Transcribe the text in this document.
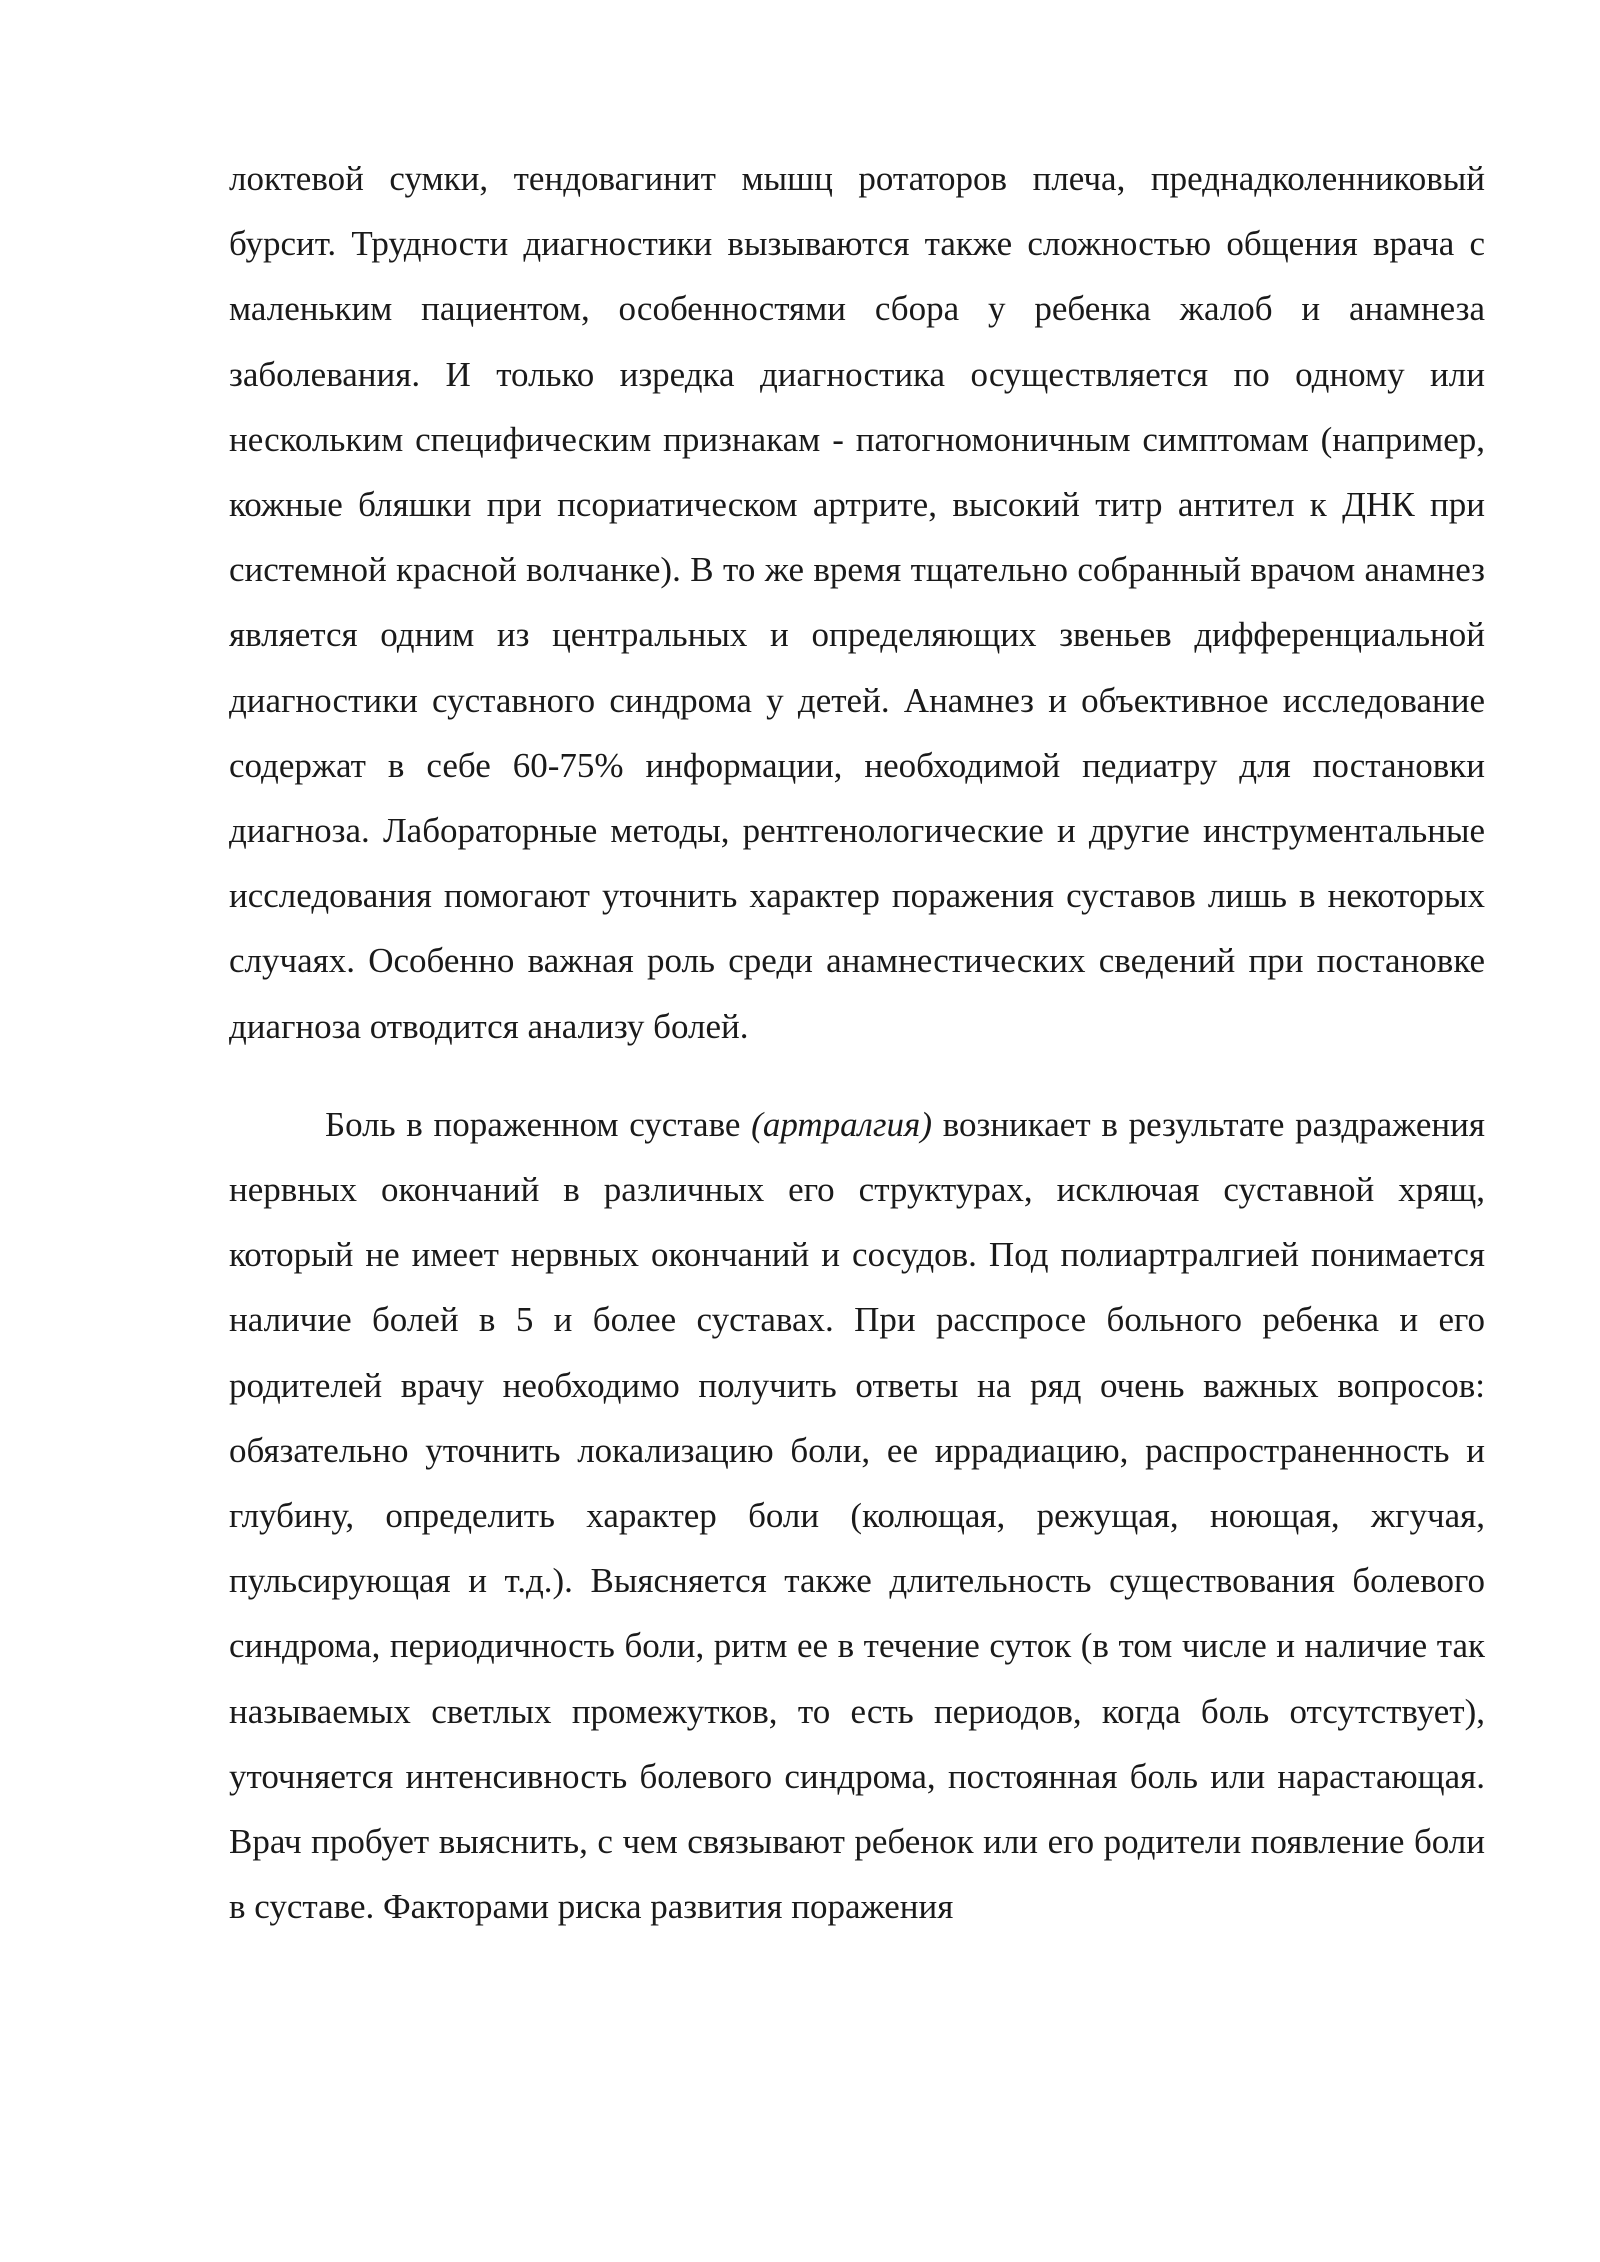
локтевой сумки, тендовагинит мышц ротаторов плеча, преднадколенниковый бурсит. Трудности диагностики вызываются также сложностью общения врача с маленьким пациентом, особенностями сбора у ребенка жалоб и анамнеза заболевания. И только изредка диагностика осуществляется по одному или нескольким специфическим признакам - патогномоничным симптомам (например, кожные бляшки при псориатическом артрите, высокий титр антител к ДНК при системной красной волчанке). В то же время тщательно собранный врачом анамнез является одним из центральных и определяющих звеньев дифференциальной диагностики суставного синдрома у детей. Анамнез и объективное исследование содержат в себе 60-75% информации, необходимой педиатру для постановки диагноза. Лабораторные методы, рентгенологические и другие инструментальные исследования помогают уточнить характер поражения суставов лишь в некоторых случаях. Особенно важная роль среди анамнестических сведений при постановке диагноза отводится анализу болей.

Боль в пораженном суставе (артралгия) возникает в результате раздражения нервных окончаний в различных его структурах, исключая суставной хрящ, который не имеет нервных окончаний и сосудов. Под полиартралгией понимается наличие болей в 5 и более суставах. При расспросе больного ребенка и его родителей врачу необходимо получить ответы на ряд очень важных вопросов: обязательно уточнить локализацию боли, ее иррадиацию, распространенность и глубину, определить характер боли (колющая, режущая, ноющая, жгучая, пульсирующая и т.д.). Выясняется также длительность существования болевого синдрома, периодичность боли, ритм ее в течение суток (в том числе и наличие так называемых светлых промежутков, то есть периодов, когда боль отсутствует), уточняется интенсивность болевого синдрома, постоянная боль или нарастающая. Врач пробует выяснить, с чем связывают ребенок или его родители появление боли в суставе. Факторами риска развития поражения
